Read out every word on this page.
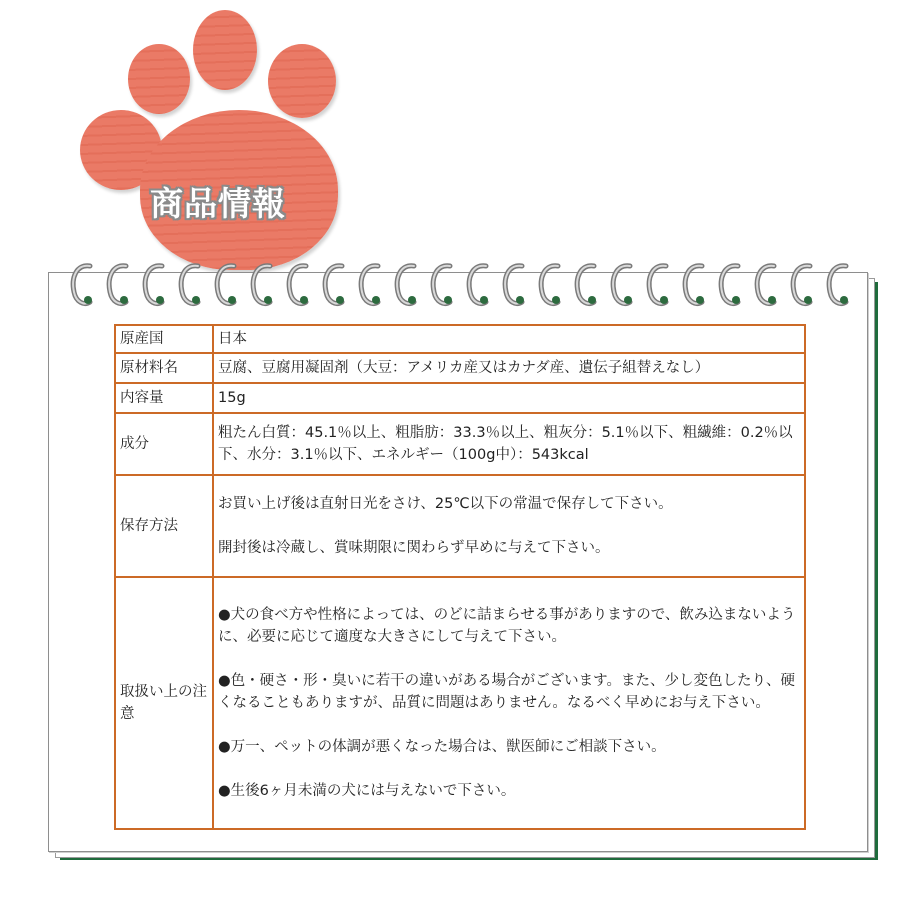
商品情報
原産国	日本
原材料名	豆腐、豆腐用凝固剤（大豆：アメリカ産又はカナダ産、遺伝子組替えなし）
内容量	15g
成分	粗たん白質：45.1％以上、粗脂肪：33.3％以上、粗灰分：5.1％以下、粗繊維：0.2％以下、水分：3.1％以下、エネルギー（100g中）：543kcal
保存方法	お買い上げ後は直射日光をさけ、25℃以下の常温で保存して下さい。
開封後は冷蔵し、賞味期限に関わらず早めに与えて下さい。

取扱い上の注意	●犬の食べ方や性格によっては、のどに詰まらせる事がありますので、飲み込まないように、必要に応じて適度な大きさにして与えて下さい。
●色・硬さ・形・臭いに若干の違いがある場合がございます。また、少し変色したり、硬くなることもありますが、品質に問題はありません。なるべく早めにお与え下さい。
●万一、ペットの体調が悪くなった場合は、獣医師にご相談下さい。
●生後6ヶ月未満の犬には与えないで下さい。
